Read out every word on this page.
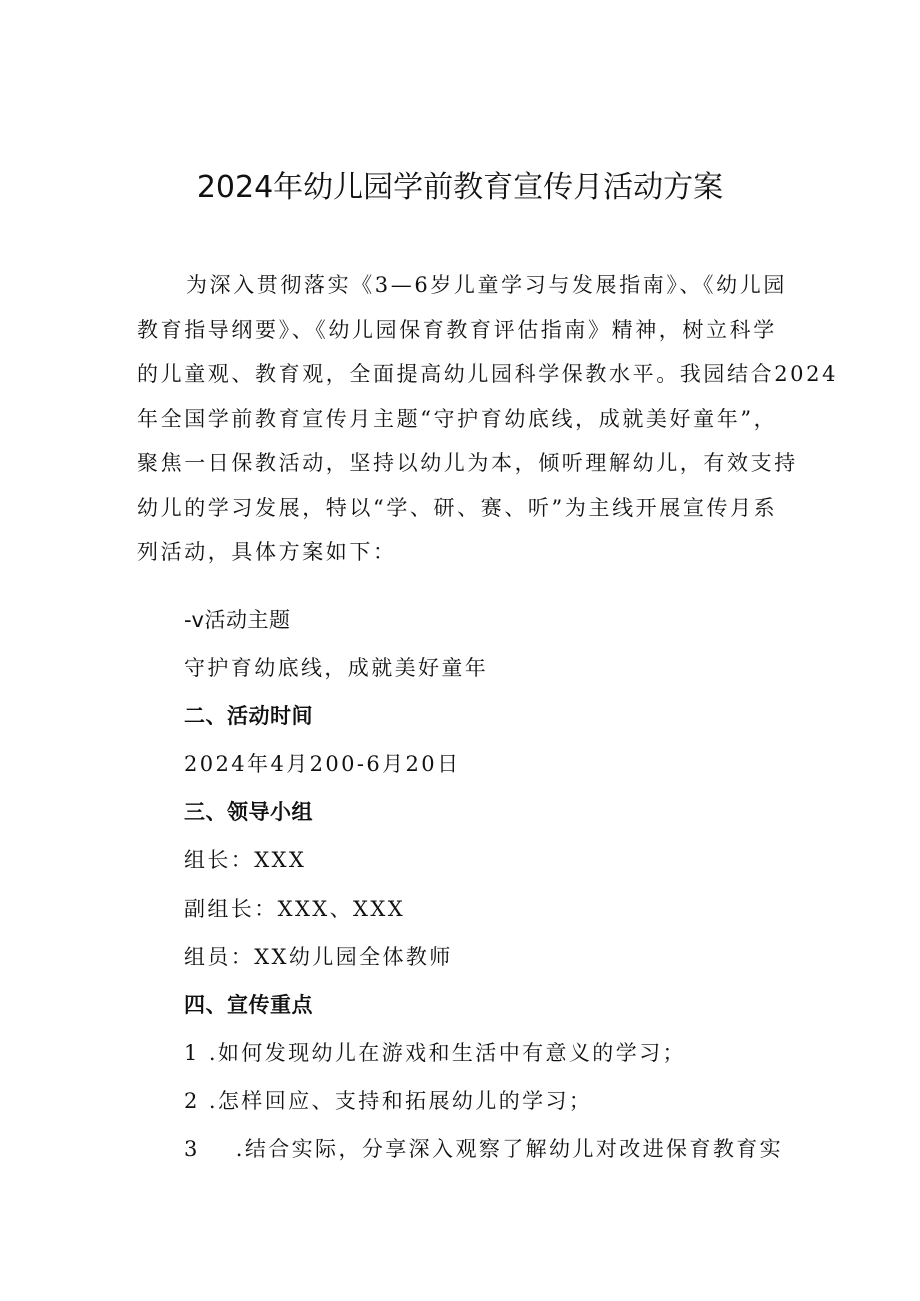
2024年幼儿园学前教育宣传月活动方案
为深入贯彻落实《3—6岁儿童学习与发展指南》、《幼儿园
教育指导纲要》、《幼儿园保育教育评估指南》精神，树立科学
的儿童观、教育观，全面提高幼儿园科学保教水平。我园结合2024
年全国学前教育宣传月主题“守护育幼底线，成就美好童年”，
聚焦一日保教活动，坚持以幼儿为本，倾听理解幼儿，有效支持
幼儿的学习发展，特以“学、研、赛、听”为主线开展宣传月系
列活动，具体方案如下：
-v活动主题
守护育幼底线，成就美好童年
二、活动时间
2024年4月200-6月20日
三、领导小组
组长：XXX
副组长：XXX、XXX
组员：XX幼儿园全体教师
四、宣传重点
1 .如何发现幼儿在游戏和生活中有意义的学习；
2 .怎样回应、支持和拓展幼儿的学习；
3 .结合实际，分享深入观察了解幼儿对改进保育教育实
